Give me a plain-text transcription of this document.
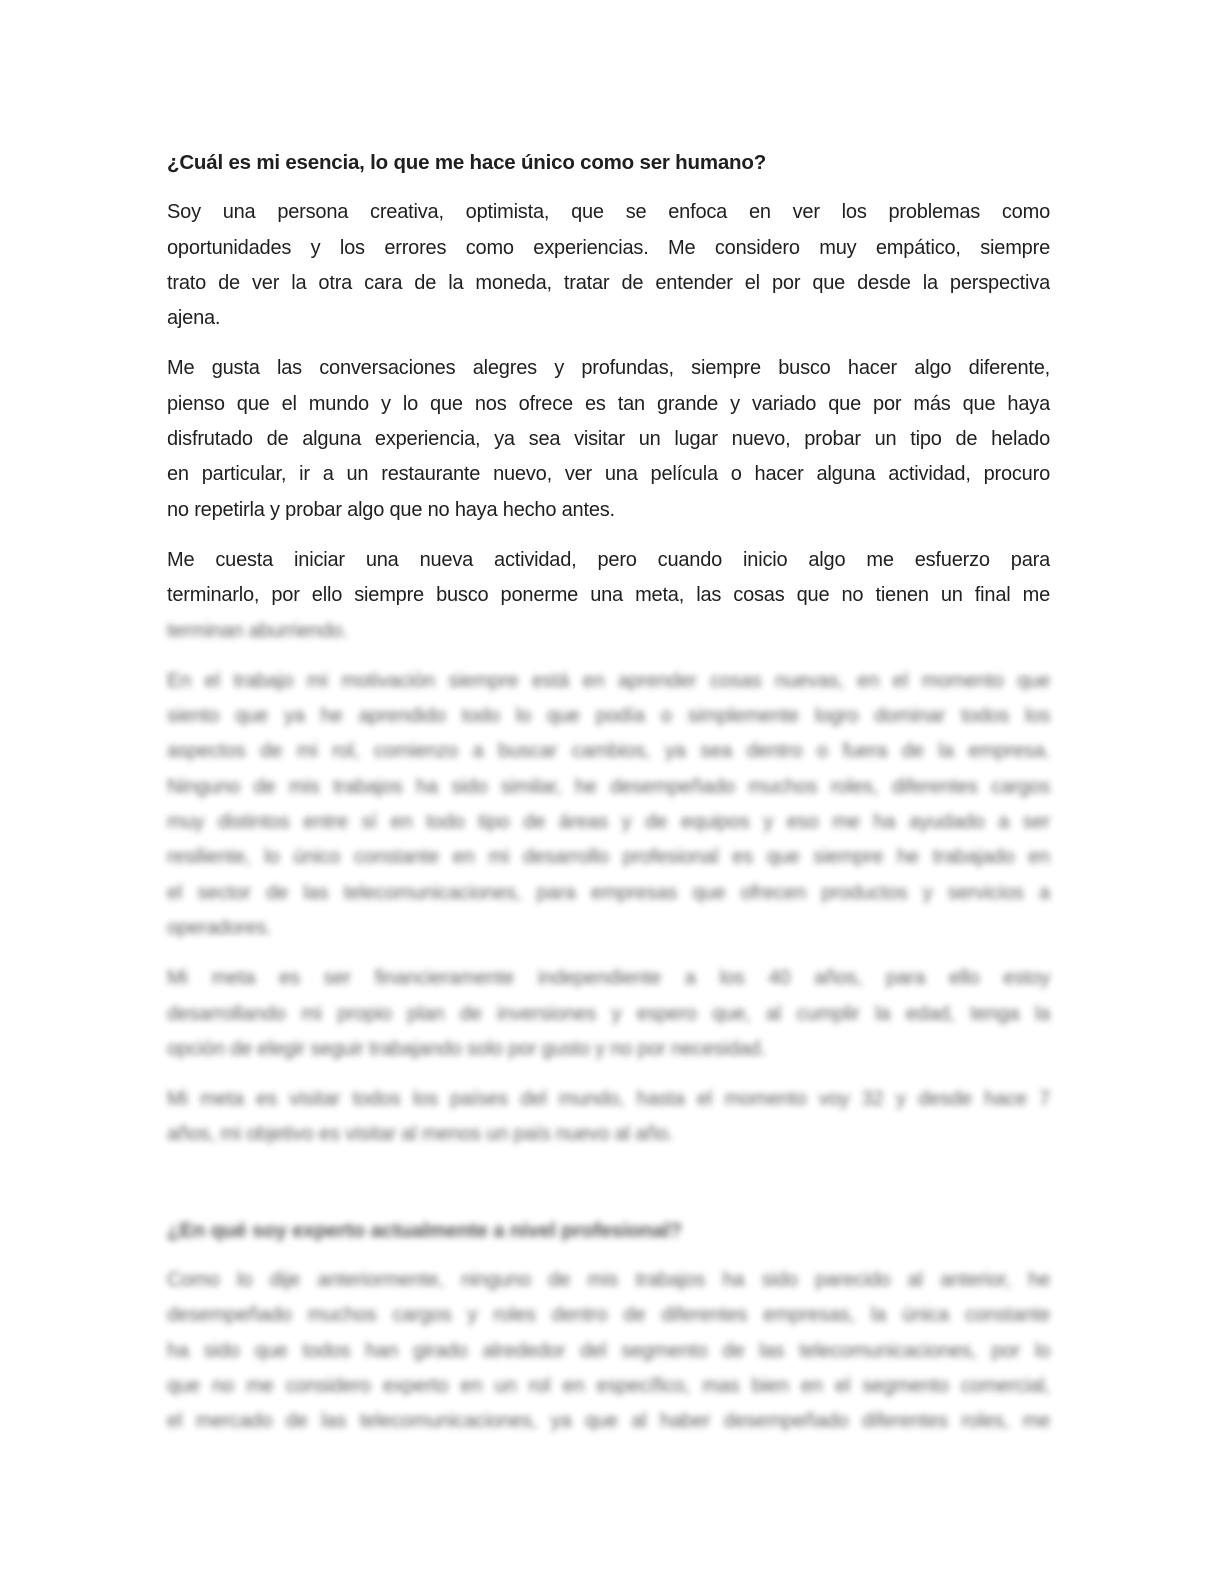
¿Cuál es mi esencia, lo que me hace único como ser humano?
Soy una persona creativa, optimista, que se enfoca en ver los problemas como
oportunidades y los errores como experiencias. Me considero muy empático, siempre
trato de ver la otra cara de la moneda, tratar de entender el por que desde la perspectiva
ajena.
Me gusta las conversaciones alegres y profundas, siempre busco hacer algo diferente,
pienso que el mundo y lo que nos ofrece es tan grande y variado que por más que haya
disfrutado de alguna experiencia, ya sea visitar un lugar nuevo, probar un tipo de helado
en particular, ir a un restaurante nuevo, ver una película o hacer alguna actividad, procuro
no repetirla y probar algo que no haya hecho antes.
Me cuesta iniciar una nueva actividad, pero cuando inicio algo me esfuerzo para
terminarlo, por ello siempre busco ponerme una meta, las cosas que no tienen un final me
terminan aburriendo.
En el trabajo mi motivación siempre está en aprender cosas nuevas, en el momento que
siento que ya he aprendido todo lo que podía o simplemente logro dominar todos los
aspectos de mi rol, comienzo a buscar cambios, ya sea dentro o fuera de la empresa.
Ninguno de mis trabajos ha sido similar, he desempeñado muchos roles, diferentes cargos
muy distintos entre sí en todo tipo de áreas y de equipos y eso me ha ayudado a ser
resiliente, lo único constante en mi desarrollo profesional es que siempre he trabajado en
el sector de las telecomunicaciones, para empresas que ofrecen productos y servicios a
operadores.
Mi meta es ser financieramente independiente a los 40 años, para ello estoy
desarrollando mi propio plan de inversiones y espero que, al cumplir la edad, tenga la
opción de elegir seguir trabajando solo por gusto y no por necesidad.
Mi meta es visitar todos los países del mundo, hasta el momento voy 32 y desde hace 7
años, mi objetivo es visitar al menos un país nuevo al año.
¿En qué soy experto actualmente a nivel profesional?
Como lo dije anteriormente, ninguno de mis trabajos ha sido parecido al anterior, he
desempeñado muchos cargos y roles dentro de diferentes empresas, la única constante
ha sido que todos han girado alrededor del segmento de las telecomunicaciones, por lo
que no me considero experto en un rol en específico, mas bien en el segmento comercial,
el mercado de las telecomunicaciones, ya que al haber desempeñado diferentes roles, me
